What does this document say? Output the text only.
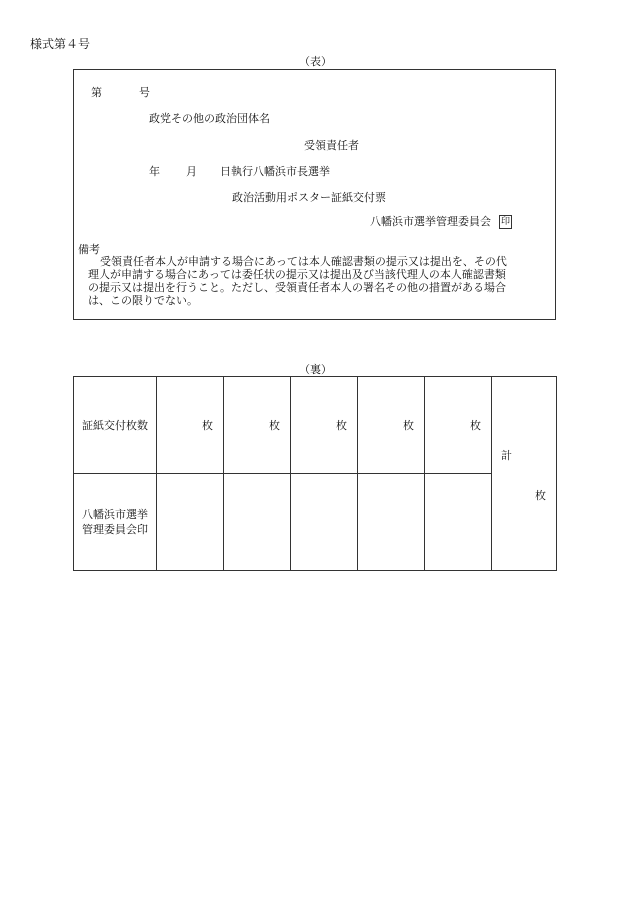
様式第４号
（表）
第	号
政党その他の政治団体名
受領責任者
年 月 日執行八幡浜市長選挙
政治活動用ポスター証紙交付票
八幡浜市選挙管理委員会 印
備考

受領責任者本人が申請する場合にあっては本人確認書類の提示又は提出を、その代

理人が申請する場合にあっては委任状の提示又は提出及び当該代理人の本人確認書類

の提示又は提出を行うこと。ただし、受領責任者本人の署名その他の措置がある場合

は、この限りでない。

（裏）
証紙交付枚数	枚	枚	枚	枚	枚	計
枚

八幡浜市選挙
管理委員会印						
